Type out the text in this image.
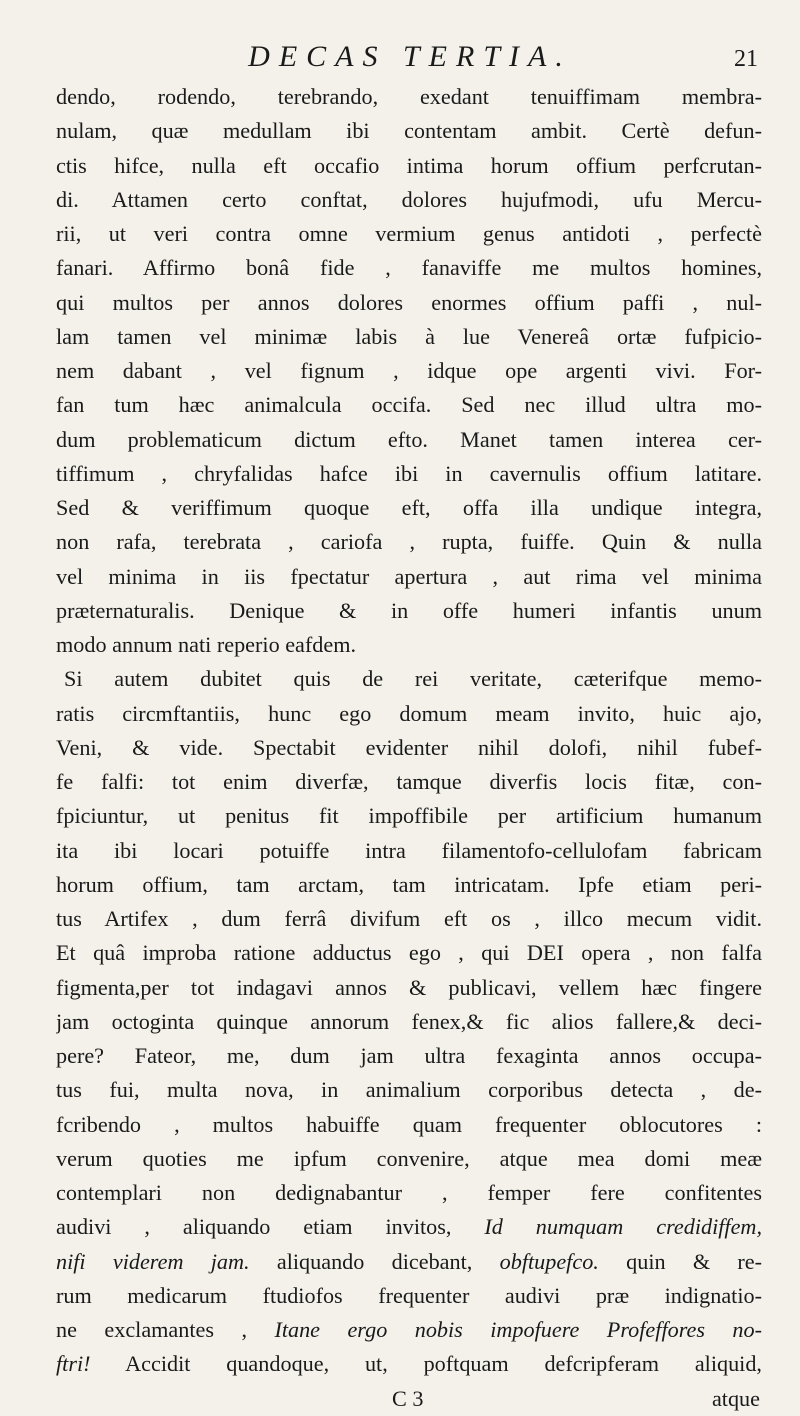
DECAS TERTIA.	21
dendo, rodendo, terebrando, exedant tenuiffimam membra-
nulam, quæ medullam ibi contentam ambit. Certè defun-
ctis hifce, nulla eft occafio intima horum offium perfcrutan-
di. Attamen certo conftat, dolores hujufmodi, ufu Mercu-
rii, ut veri contra omne vermium genus antidoti , perfectè
fanari. Affirmo bonâ fide , fanaviffe me multos homines,
qui multos per annos dolores enormes offium paffi , nul-
lam tamen vel minimæ labis à lue Venereâ ortæ fufpicio-
nem dabant , vel fignum , idque ope argenti vivi. For-
fan tum hæc animalcula occifa. Sed nec illud ultra mo-
dum problematicum dictum efto. Manet tamen interea cer-
tiffimum , chryfalidas hafce ibi in cavernulis offium latitare.
Sed & veriffimum quoque eft, offa illa undique integra,
non rafa, terebrata , cariofa , rupta, fuiffe. Quin & nulla
vel minima in iis fpectatur apertura , aut rima vel minima
præternaturalis. Denique & in offe humeri infantis unum
modo annum nati reperio eafdem.
Si autem dubitet quis de rei veritate, cæterifque memo-
ratis circmftantiis, hunc ego domum meam invito, huic ajo,
Veni, & vide. Spectabit evidenter nihil dolofi, nihil fubef-
fe falfi: tot enim diverfæ, tamque diverfis locis fitæ, con-
fpiciuntur, ut penitus fit impoffibile per artificium humanum
ita ibi locari potuiffe intra filamentofo-cellulofam fabricam
horum offium, tam arctam, tam intricatam. Ipfe etiam peri-
tus Artifex , dum ferrâ divifum eft os , illco mecum vidit.
Et quâ improba ratione adductus ego , qui DEI opera , non falfa
figmenta,per tot indagavi annos & publicavi, vellem hæc fingere
jam octoginta quinque annorum fenex,& fic alios fallere,& deci-
pere? Fateor, me, dum jam ultra fexaginta annos occupa-
tus fui, multa nova, in animalium corporibus detecta , de-
fcribendo , multos habuiffe quam frequenter oblocutores :
verum quoties me ipfum convenire, atque mea domi meæ
contemplari non dedignabantur , femper fere confitentes
audivi , aliquando etiam invitos, Id numquam credidiffem,
nifi viderem jam. aliquando dicebant, obftupefco. quin & re-
rum medicarum ftudiofos frequenter audivi præ indignatio-
ne exclamantes , Itane ergo nobis impofuere Profeffores no-
ftri! Accidit quandoque, ut, poftquam defcripferam aliquid,
C 3	atque
